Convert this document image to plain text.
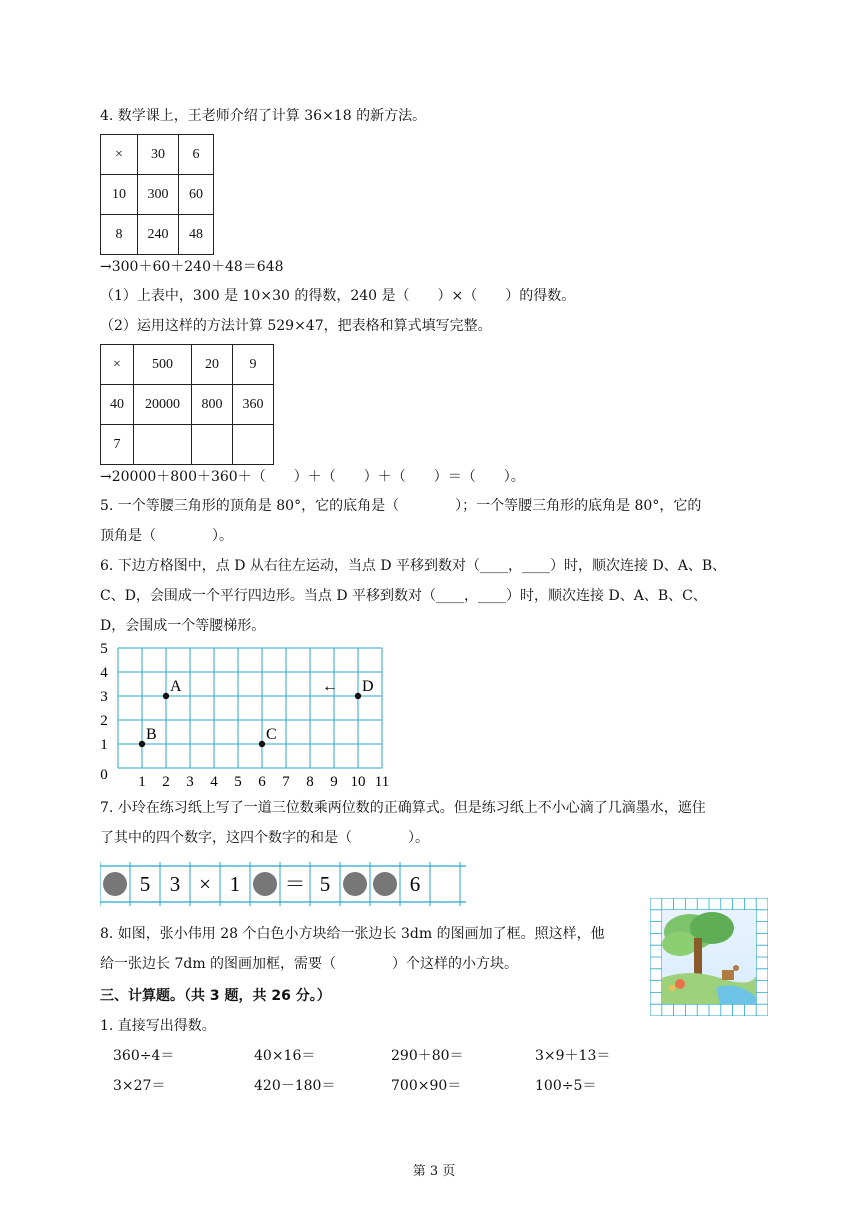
4. 数学课上，王老师介绍了计算 36×18 的新方法。
×	30	6
10	300	60
8	240	48
→300＋60＋240＋48＝648
（1）上表中，300 是 10×30 的得数，240 是（　　）×（　　）的得数。
（2）运用这样的方法计算 529×47，把表格和算式填写完整。
×	500	20	9
40	20000	800	360
7			
→20000＋800＋360＋（　　）＋（　　）＋（　　）＝（　　）。
5. 一个等腰三角形的顶角是 80°，它的底角是（　　　　）；一个等腰三角形的底角是 80°，它的
顶角是（　　　　）。
6. 下边方格图中，点 D 从右往左运动，当点 D 平移到数对（____，____）时，顺次连接 D、A、B、
C、D，会围成一个平行四边形。当点 D 平移到数对（____，____）时，顺次连接 D、A、B、C、
D，会围成一个等腰梯形。
0
1
2
3
4
5
1 2 3 4 5 6 7 8 9 10 11
A
B	C
D
←
7. 小玲在练习纸上写了一道三位数乘两位数的正确算式。但是练习纸上不小心滴了几滴墨水，遮住
了其中的四个数字，这四个数字的和是（　　　　）。
5 3 × 1 ＝ 5	6
8. 如图，张小伟用 28 个白色小方块给一张边长 3dm 的图画加了框。照这样，他
给一张边长 7dm 的图画加框，需要（　　　　）个这样的小方块。
三、计算题。（共 3 题，共 26 分。）
1. 直接写出得数。
360÷4＝	40×16＝	290＋80＝	3×9＋13＝
3×27＝	420－180＝	700×90＝	100÷5＝
第 3 页
